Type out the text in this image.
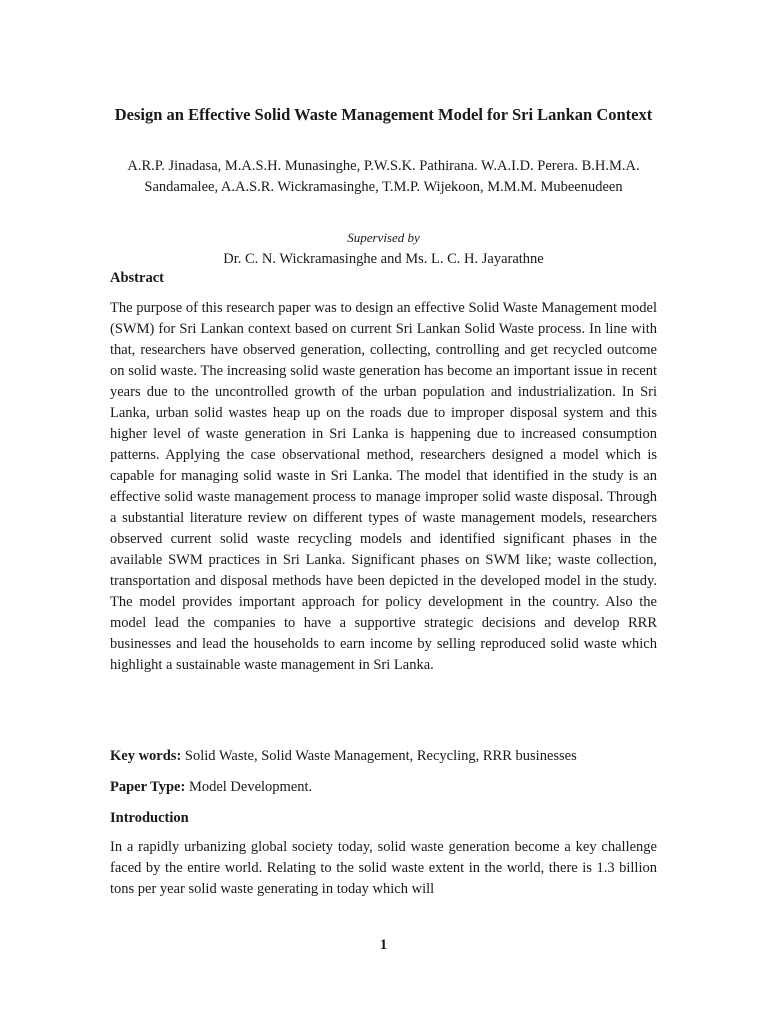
Design an Effective Solid Waste Management Model for Sri Lankan Context

A.R.P. Jinadasa, M.A.S.H. Munasinghe, P.W.S.K. Pathirana. W.A.I.D. Perera. B.H.M.A. Sandamalee, A.A.S.R. Wickramasinghe, T.M.P. Wijekoon, M.M.M. Mubeenudeen

Supervised by

Dr. C. N. Wickramasinghe and Ms. L. C. H. Jayarathne

Abstract

The purpose of this research paper was to design an effective Solid Waste Management model (SWM) for Sri Lankan context based on current Sri Lankan Solid Waste process. In line with that, researchers have observed generation, collecting, controlling and get recycled outcome on solid waste. The increasing solid waste generation has become an important issue in recent years due to the uncontrolled growth of the urban population and industrialization. In Sri Lanka, urban solid wastes heap up on the roads due to improper disposal system and this higher level of waste generation in Sri Lanka is happening due to increased consumption patterns. Applying the case observational method, researchers designed a model which is capable for managing solid waste in Sri Lanka. The model that identified in the study is an effective solid waste management process to manage improper solid waste disposal. Through a substantial literature review on different types of waste management models, researchers observed current solid waste recycling models and identified significant phases in the available SWM practices in Sri Lanka. Significant phases on SWM like; waste collection, transportation and disposal methods have been depicted in the developed model in the study. The model provides important approach for policy development in the country. Also the model lead the companies to have a supportive strategic decisions and develop RRR businesses and lead the households to earn income by selling reproduced solid waste which highlight a sustainable waste management in Sri Lanka.

Key words: Solid Waste, Solid Waste Management, Recycling, RRR businesses

Paper Type: Model Development.

Introduction

In a rapidly urbanizing global society today, solid waste generation become a key challenge faced by the entire world. Relating to the solid waste extent in the world, there is 1.3 billion tons per year solid waste generating in today which will

1
